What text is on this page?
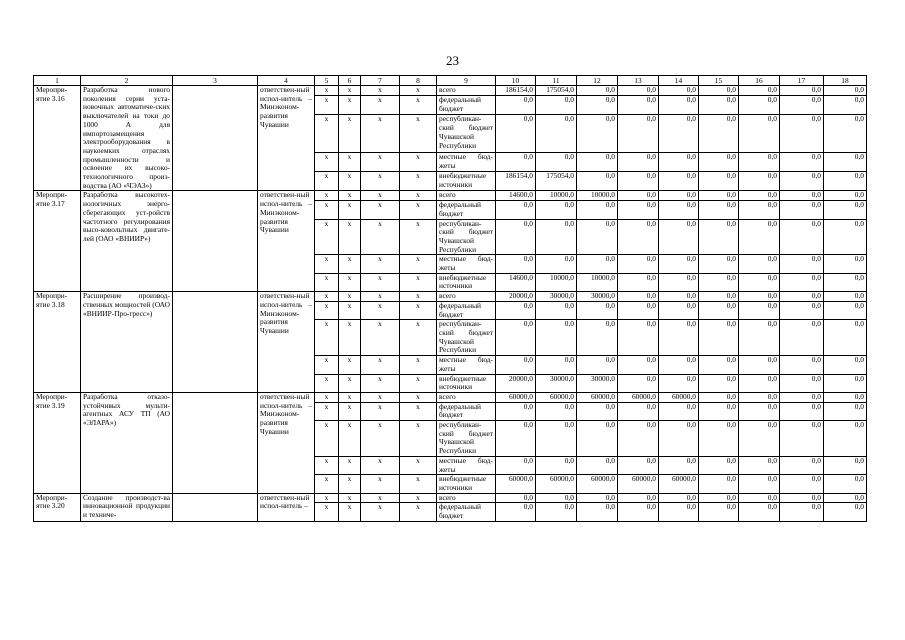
23
1	2	3	4	5	6	7	8	9	10	11	12	13	14	15	16	17	18
Меропри-ятие 3.16	Разработка нового поколения серии уста-новочных автоматиче-ских выключателей на токи до 1000 А для импортозамещения электрооборудования в наукоемких отраслях промышленности и освоение их высоко-технологичного произ-водства (АО «ЧЭАЗ»)		ответствен-ный испол-нитель – Минэконом-развития Чувашии	x	x	x	x	всего	186154,0	175054,0	0,0	0,0	0,0	0,0	0,0	0,0	0,0
				x	x	x	x	федеральный бюджет	0,0	0,0	0,0	0,0	0,0	0,0	0,0	0,0	0,0
				x	x	x	x	республикан-ский бюджет Чувашской Республики	0,0	0,0	0,0	0,0	0,0	0,0	0,0	0,0	0,0
				x	x	x	x	местные бюд-жеты	0,0	0,0	0,0	0,0	0,0	0,0	0,0	0,0	0,0
				x	x	x	x	внебюджетные источники	186154,0	175054,0	0,0	0,0	0,0	0,0	0,0	0,0	0,0
Меропри-ятие 3.17	Разработка высокотех-нологичных энерго-сберегающих уст-ройств частотного регулирования высо-ковольтных двигате-лей (ОАО «ВНИИР»)		ответствен-ный испол-нитель – Минэконом-развития Чувашии	x	x	x	x	всего	14600,0	10000,0	10000,0	0,0	0,0	0,0	0,0	0,0	0,0
				x	x	x	x	федеральный бюджет	0,0	0,0	0,0	0,0	0,0	0,0	0,0	0,0	0,0
				x	x	x	x	республикан-ский бюджет Чувашской Республики	0,0	0,0	0,0	0,0	0,0	0,0	0,0	0,0	0,0
				x	x	x	x	местные бюд-жеты	0,0	0,0	0,0	0,0	0,0	0,0	0,0	0,0	0,0
				x	x	x	x	внебюджетные источники	14600,0	10000,0	10000,0	0,0	0,0	0,0	0,0	0,0	0,0
Меропри-ятие 3.18	Расширение производ-ственных мощностей (ОАО «ВНИИР-Про-гресс»)		ответствен-ный испол-нитель – Минэконом-развития Чувашии	x	x	x	x	всего	20000,0	30000,0	30000,0	0,0	0,0	0,0	0,0	0,0	0,0
				x	x	x	x	федеральный бюджет	0,0	0,0	0,0	0,0	0,0	0,0	0,0	0,0	0,0
				x	x	x	x	республикан-ский бюджет Чувашской Республики	0,0	0,0	0,0	0,0	0,0	0,0	0,0	0,0	0,0
				x	x	x	x	местные бюд-жеты	0,0	0,0	0,0	0,0	0,0	0,0	0,0	0,0	0,0
				x	x	x	x	внебюджетные источники	20000,0	30000,0	30000,0	0,0	0,0	0,0	0,0	0,0	0,0
Меропри-ятие 3.19	Разработка отказо-устойчивых мульти-агентных АСУ ТП (АО «ЭЛАРА»)		ответствен-ный испол-нитель – Минэконом-развития Чувашии	x	x	x	x	всего	60000,0	60000,0	60000,0	60000,0	60000,0	0,0	0,0	0,0	0,0
				x	x	x	x	федеральный бюджет	0,0	0,0	0,0	0,0	0,0	0,0	0,0	0,0	0,0
				x	x	x	x	республикан-ский бюджет Чувашской Республики	0,0	0,0	0,0	0,0	0,0	0,0	0,0	0,0	0,0
				x	x	x	x	местные бюд-жеты	0,0	0,0	0,0	0,0	0,0	0,0	0,0	0,0	0,0
				x	x	x	x	внебюджетные источники	60000,0	60000,0	60000,0	60000,0	60000,0	0,0	0,0	0,0	0,0
Меропри-ятие 3.20	Создание производст-ва инновационной продукции и техниче-		ответствен-ный испол-нитель –	x	x	x	x	всего	0,0	0,0	0,0	0,0	0,0	0,0	0,0	0,0	0,0
				x	x	x	x	федеральный бюджет	0,0	0,0	0,0	0,0	0,0	0,0	0,0	0,0	0,0
